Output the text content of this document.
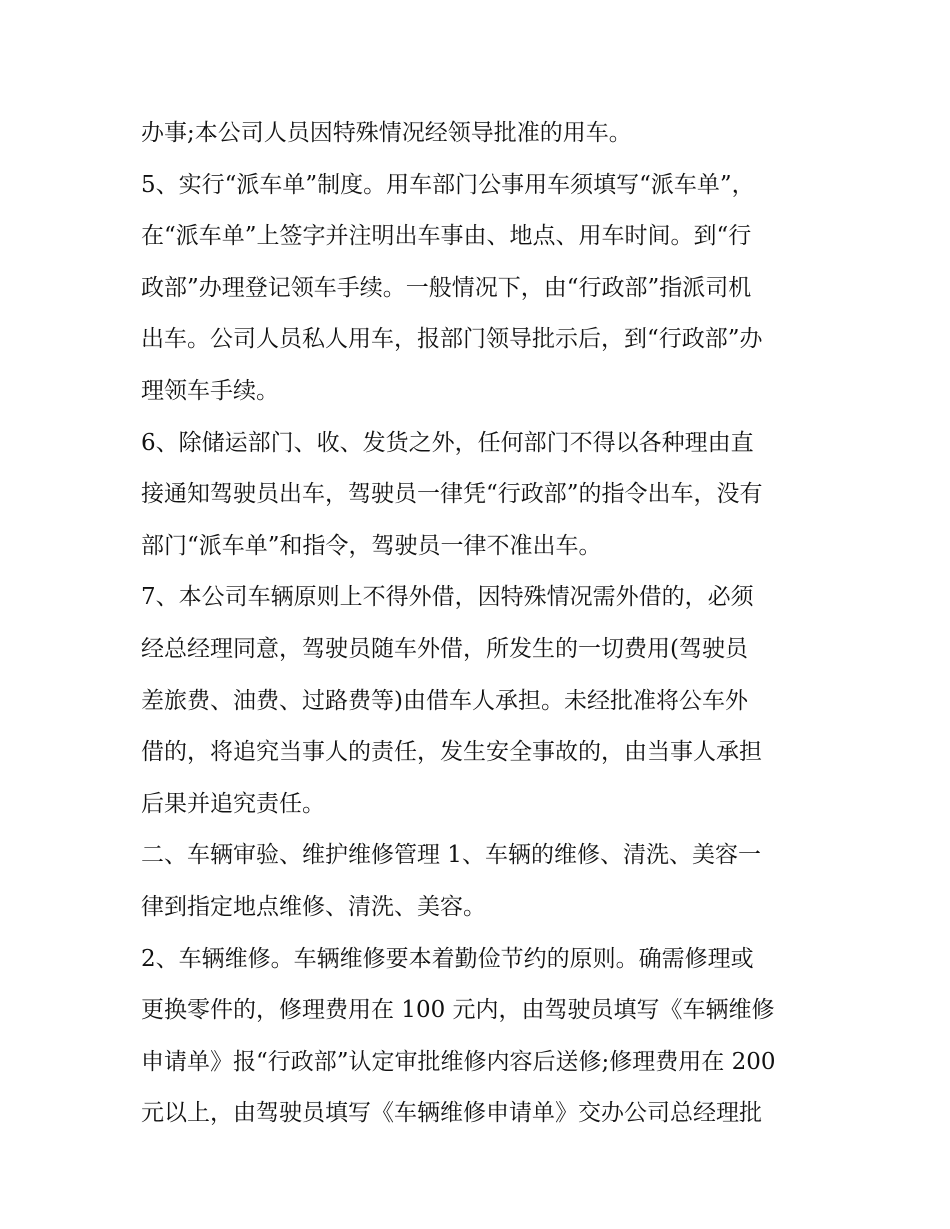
办事;本公司人员因特殊情况经领导批准的用车。
5、实行“派车单”制度。用车部门公事用车须填写“派车单”，
在“派车单”上签字并注明出车事由、地点、用车时间。到“行
政部”办理登记领车手续。一般情况下，由“行政部”指派司机
出车。公司人员私人用车，报部门领导批示后，到“行政部”办
理领车手续。
6、除储运部门、收、发货之外，任何部门不得以各种理由直
接通知驾驶员出车，驾驶员一律凭“行政部”的指令出车，没有
部门“派车单”和指令，驾驶员一律不准出车。
7、本公司车辆原则上不得外借，因特殊情况需外借的，必须
经总经理同意，驾驶员随车外借，所发生的一切费用(驾驶员
差旅费、油费、过路费等)由借车人承担。未经批准将公车外
借的，将追究当事人的责任，发生安全事故的，由当事人承担
后果并追究责任。
二、车辆审验、维护维修管理 1、车辆的维修、清洗、美容一
律到指定地点维修、清洗、美容。
2、车辆维修。车辆维修要本着勤俭节约的原则。确需修理或
更换零件的，修理费用在 100 元内，由驾驶员填写《车辆维修
申请单》报“行政部”认定审批维修内容后送修;修理费用在 200
元以上，由驾驶员填写《车辆维修申请单》交办公司总经理批
